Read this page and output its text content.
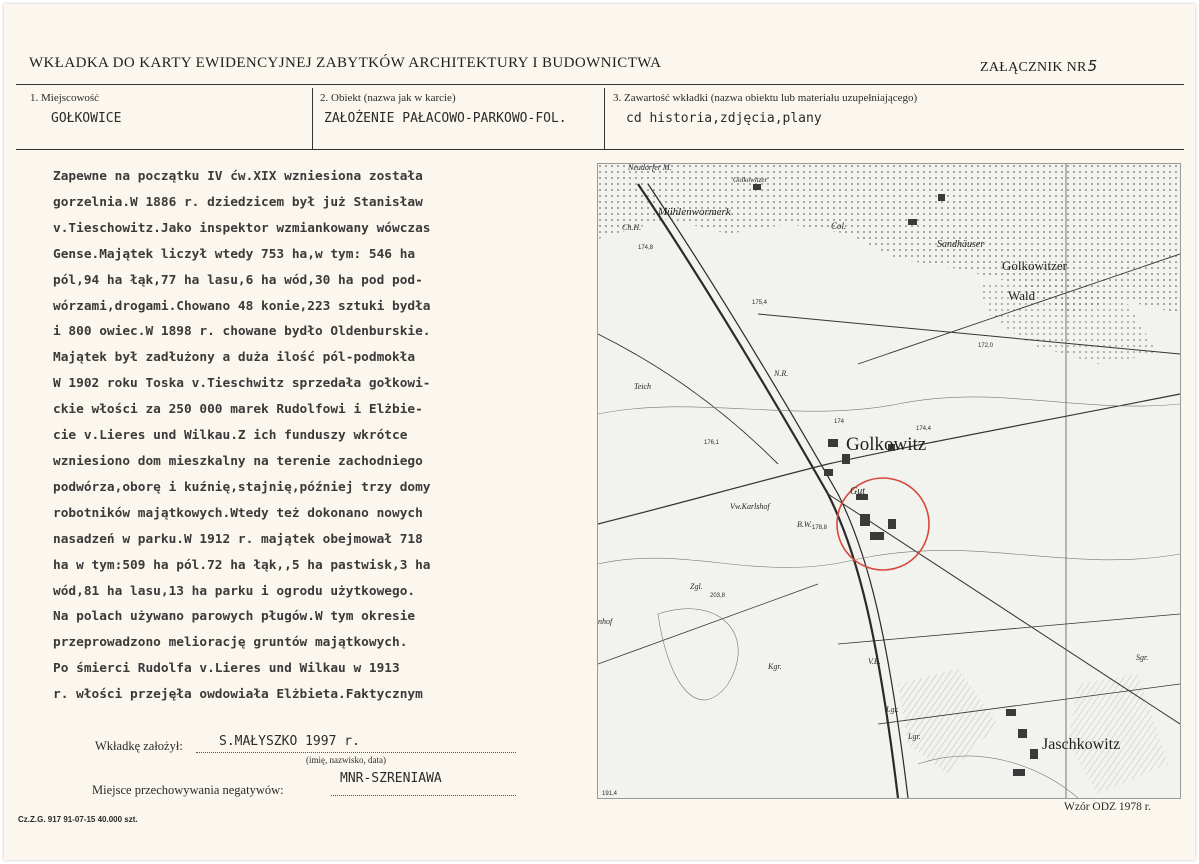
WKŁADKA DO KARTY EWIDENCYJNEJ ZABYTKÓW ARCHITEKTURY I BUDOWNICTWA	ZAŁĄCZNIK NR5
1. Miejscowość
GOŁKOWICE
2. Obiekt (nazwa jak w karcie)
ZAŁOŻENIE PAŁACOWO-PARKOWO-FOL.
3. Zawartość wkładki (nazwa obiektu lub materiału uzupełniającego)
cd historia,zdjęcia,plany
Zapewne na początku IV ćw.XIX wzniesiona została
gorzelnia.W 1886 r. dziedzicem był już Stanisław
v.Tieschowitz.Jako inspektor wzmiankowany wówczas
Gense.Majątek liczył wtedy 753 ha,w tym: 546 ha
pól,94 ha łąk,77 ha lasu,6 ha wód,30 ha pod pod-
wórzami,drogami.Chowano 48 konie,223 sztuki bydła
i 800 owiec.W 1898 r. chowane bydło Oldenburskie.
Majątek był zadłużony a duża ilość pól-podmokła
W 1902 roku Toska v.Tieschwitz sprzedała gołkowi-
ckie włości za 250 000 marek Rudolfowi i Elżbie-
cie v.Lieres und Wilkau.Z ich funduszy wkrótce
wzniesiono dom mieszkalny na terenie zachodniego
podwórza,oborę i kuźnię,stajnię,później trzy domy
robotników majątkowych.Wtedy też dokonano nowych
nasadzeń w parku.W 1912 r. majątek obejmował 718
ha w tym:509 ha pól.72 ha łąk,,5 ha pastwisk,3 ha
wód,81 ha lasu,13 ha parku i ogrodu użytkowego.
Na polach używano parowych pługów.W tym okresie
przeprowadzono meliorację gruntów majątkowych.
Po śmierci Rudolfa v.Lieres und Wilkau w 1913
r. włości przejęła owdowiała Elżbieta.Faktycznym
Golkowitz
Jaschkowitz
Gut
Golkowitzer
Wald
Mühlenwormerk
Sandhäuser
Col.
Neudorfer M.
Vw.Karlshof
Golkowitzer
Teich
174,8
175,4
172,0
176,1
174
178,8
203,8
174,4
191,4
Ch.H.
Zgl.
Kgr.
Lgr.
Sgr.
B.W.
N.R.
V.B.
Lgr.
nhof
Wkładkę założył:	S.MAŁYSZKO 1997 r.
(imię, nazwisko, data)
Miejsce przechowywania negatywów:
MNR-SZRENIAWA
Cz.Z.G. 917 91-07-15 40.000 szt.
Wzór ODZ 1978 r.
